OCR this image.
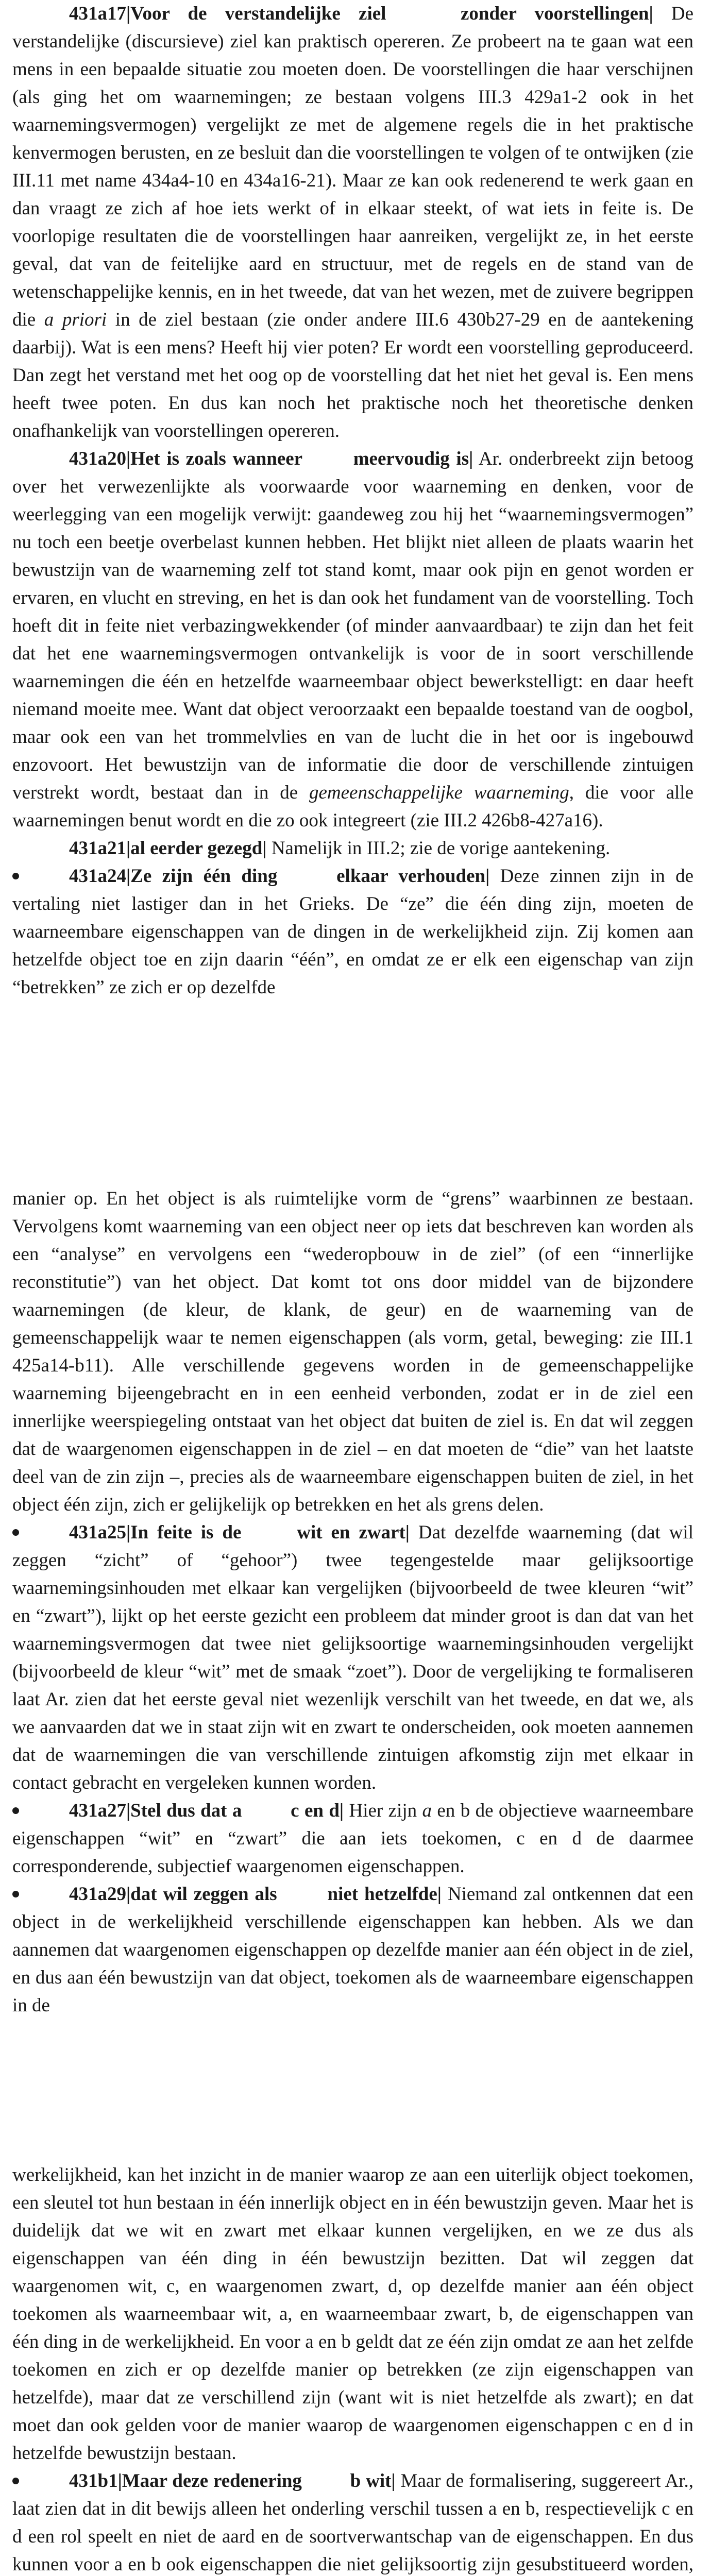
431a17|Voor de verstandelijke ziel    zonder voorstellingen| De verstandelijke (discursieve) ziel kan praktisch opereren. Ze probeert na te gaan wat een mens in een bepaalde situatie zou moeten doen. De voorstellingen die haar verschijnen (als ging het om waarnemingen; ze bestaan volgens III.3 429a1-2 ook in het waarnemingsvermogen) vergelijkt ze met de algemene regels die in het praktische kenvermogen berusten, en ze besluit dan die voorstellingen te volgen of te ontwijken (zie III.11 met name 434a4-10 en 434a16-21). Maar ze kan ook redenerend te werk gaan en dan vraagt ze zich af hoe iets werkt of in elkaar steekt, of wat iets in feite is. De voorlopige resultaten die de voorstellingen haar aanreiken, vergelijkt ze, in het eerste geval, dat van de feitelijke aard en structuur, met de regels en de stand van de wetenschappelijke kennis, en in het tweede, dat van het wezen, met de zuivere begrippen die a priori in de ziel bestaan (zie onder andere III.6 430b27-29 en de aantekening daarbij). Wat is een mens? Heeft hij vier poten? Er wordt een voorstelling geproduceerd. Dan zegt het verstand met het oog op de voorstelling dat het niet het geval is. Een mens heeft twee poten. En dus kan noch het praktische noch het theoretische denken onafhankelijk van voorstellingen opereren.

431a20|Het is zoals wanneer    meervoudig is| Ar. onderbreekt zijn betoog over het verwezenlijkte als voorwaarde voor waarneming en denken, voor de weerlegging van een mogelijk verwijt: gaandeweg zou hij het “waarnemingsvermogen” nu toch een beetje overbelast kunnen hebben. Het blijkt niet alleen de plaats waarin het bewustzijn van de waarneming zelf tot stand komt, maar ook pijn en genot worden er ervaren, en vlucht en streving, en het is dan ook het fundament van de voorstelling. Toch hoeft dit in feite niet verbazingwekkender (of minder aanvaardbaar) te zijn dan het feit dat het ene waarnemingsvermogen ontvankelijk is voor de in soort verschillende waarnemingen die één en hetzelfde waarneembaar object bewerkstelligt: en daar heeft niemand moeite mee. Want dat object veroorzaakt een bepaalde toestand van de oogbol, maar ook een van het trommelvlies en van de lucht die in het oor is ingebouwd enzovoort. Het bewustzijn van de informatie die door de verschillende zintuigen verstrekt wordt, bestaat dan in de gemeenschappelijke waarneming, die voor alle waarnemingen benut wordt en die zo ook integreert (zie III.2 426b8-427a16).

431a21|al eerder gezegd| Namelijk in III.2; zie de vorige aantekening.

431a24|Ze zijn één ding    elkaar verhouden| Deze zinnen zijn in de vertaling niet lastiger dan in het Grieks. De “ze” die één ding zijn, moeten de waarneembare eigenschappen van de dingen in de werkelijkheid zijn. Zij komen aan hetzelfde object toe en zijn daarin “één”, en omdat ze er elk een eigenschap van zijn “betrekken” ze zich er op dezelfde

manier op. En het object is als ruimtelijke vorm de “grens” waarbinnen ze bestaan. Vervolgens komt waarneming van een object neer op iets dat beschreven kan worden als een “analyse” en vervolgens een “wederopbouw in de ziel” (of een “innerlijke reconstitutie”) van het object. Dat komt tot ons door middel van de bijzondere waarnemingen (de kleur, de klank, de geur) en de waarneming van de gemeenschappelijk waar te nemen eigenschappen (als vorm, getal, beweging: zie III.1 425a14-b11). Alle verschillende gegevens worden in de gemeenschappelijke waarneming bijeengebracht en in een eenheid verbonden, zodat er in de ziel een innerlijke weerspiegeling ontstaat van het object dat buiten de ziel is. En dat wil zeggen dat de waargenomen eigenschappen in de ziel – en dat moeten de “die” van het laatste deel van de zin zijn –, precies als de waarneembare eigenschappen buiten de ziel, in het object één zijn, zich er gelijkelijk op betrekken en het als grens delen.

431a25|In feite is de    wit en zwart| Dat dezelfde waarneming (dat wil zeggen “zicht” of “gehoor”) twee tegengestelde maar gelijksoortige waarnemingsinhouden met elkaar kan vergelijken (bijvoorbeeld de twee kleuren “wit” en “zwart”), lijkt op het eerste gezicht een probleem dat minder groot is dan dat van het waarnemingsvermogen dat twee niet gelijksoortige waarnemingsinhouden vergelijkt (bijvoorbeeld de kleur “wit” met de smaak “zoet”). Door de vergelijking te formaliseren laat Ar. zien dat het eerste geval niet wezenlijk verschilt van het tweede, en dat we, als we aanvaarden dat we in staat zijn wit en zwart te onderscheiden, ook moeten aannemen dat de waarnemingen die van verschillende zintuigen afkomstig zijn met elkaar in contact gebracht en vergeleken kunnen worden.

431a27|Stel dus dat a    c en d| Hier zijn a en b de objectieve waarneembare eigenschappen “wit” en “zwart” die aan iets toekomen, c en d de daarmee corresponderende, subjectief waargenomen eigenschappen.

431a29|dat wil zeggen als    niet hetzelfde| Niemand zal ontkennen dat een object in de werkelijkheid verschillende eigenschappen kan hebben. Als we dan aannemen dat waargenomen eigenschappen op dezelfde manier aan één object in de ziel, en dus aan één bewustzijn van dat object, toekomen als de waarneembare eigenschappen in de

werkelijkheid, kan het inzicht in de manier waarop ze aan een uiterlijk object toekomen, een sleutel tot hun bestaan in één innerlijk object en in één bewustzijn geven. Maar het is duidelijk dat we wit en zwart met elkaar kunnen vergelijken, en we ze dus als eigenschappen van één ding in één bewustzijn bezitten. Dat wil zeggen dat waargenomen wit, c, en waargenomen zwart, d, op dezelfde manier aan één object toekomen als waarneembaar wit, a, en waarneembaar zwart, b, de eigenschappen van één ding in de werkelijkheid. En voor a en b geldt dat ze één zijn omdat ze aan het zelfde toekomen en zich er op dezelfde manier op betrekken (ze zijn eigenschappen van hetzelfde), maar dat ze verschillend zijn (want wit is niet hetzelfde als zwart); en dat moet dan ook gelden voor de manier waarop de waargenomen eigenschappen c en d in hetzelfde bewustzijn bestaan.

431b1|Maar deze redenering    b wit| Maar de formalisering, suggereert Ar., laat zien dat in dit bewijs alleen het onderling verschil tussen a en b, respectievelijk c en d een rol speelt en niet de aard en de soortverwantschap van de eigenschappen. En dus kunnen voor a en b ook eigenschappen die niet gelijksoortig zijn gesubstitueerd worden,
